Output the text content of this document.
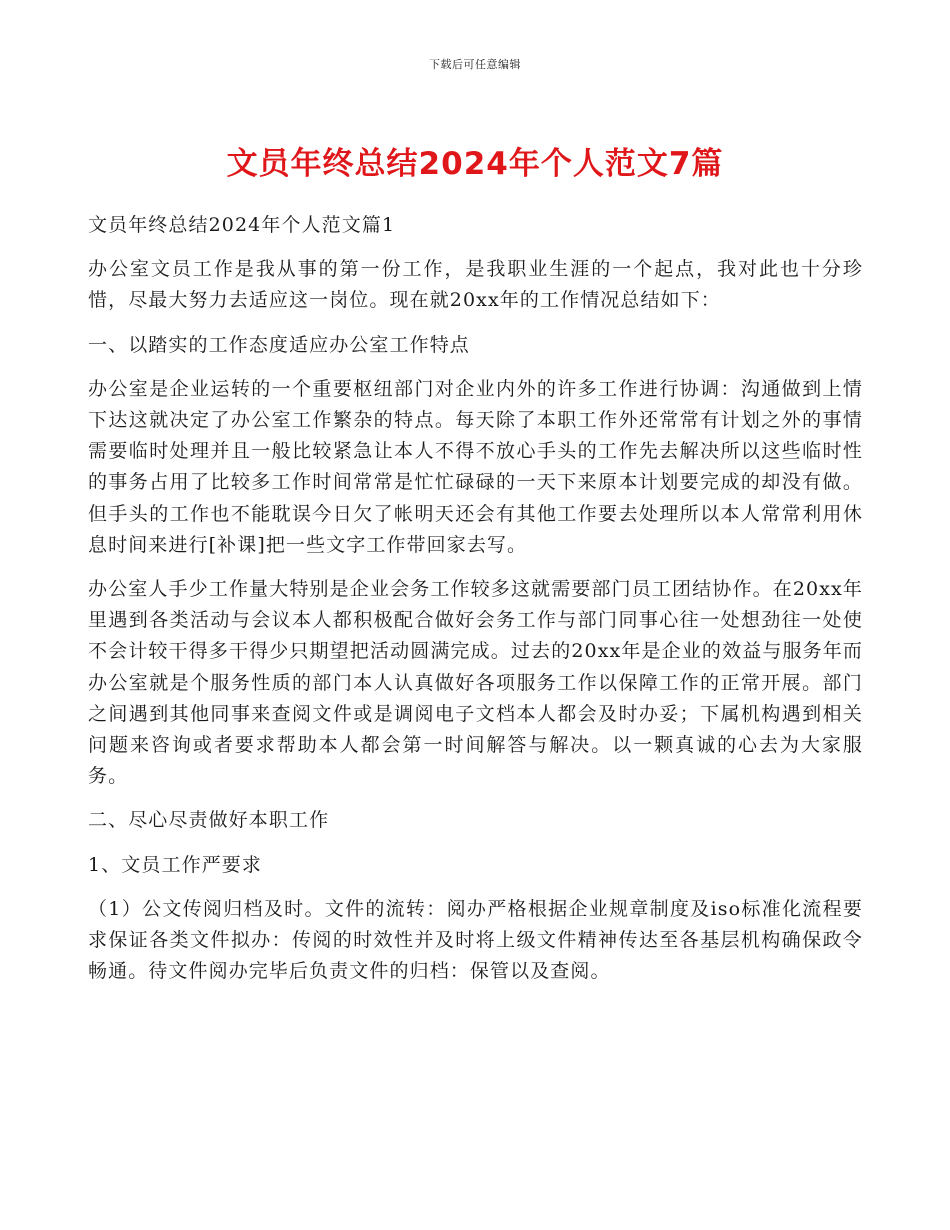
下载后可任意编辑
文员年终总结2024年个人范文7篇

文员年终总结2024年个人范文篇1

办公室文员工作是我从事的第一份工作，是我职业生涯的一个起点，我对此也十分珍惜，尽最大努力去适应这一岗位。现在就20xx年的工作情况总结如下：

一、以踏实的工作态度适应办公室工作特点

办公室是企业运转的一个重要枢纽部门对企业内外的许多工作进行协调：沟通做到上情下达这就决定了办公室工作繁杂的特点。每天除了本职工作外还常常有计划之外的事情需要临时处理并且一般比较紧急让本人不得不放心手头的工作先去解决所以这些临时性的事务占用了比较多工作时间常常是忙忙碌碌的一天下来原本计划要完成的却没有做。但手头的工作也不能耽误今日欠了帐明天还会有其他工作要去处理所以本人常常利用休息时间来进行[补课]把一些文字工作带回家去写。

办公室人手少工作量大特别是企业会务工作较多这就需要部门员工团结协作。在20xx年里遇到各类活动与会议本人都积极配合做好会务工作与部门同事心往一处想劲往一处使不会计较干得多干得少只期望把活动圆满完成。过去的20xx年是企业的效益与服务年而办公室就是个服务性质的部门本人认真做好各项服务工作以保障工作的正常开展。部门之间遇到其他同事来查阅文件或是调阅电子文档本人都会及时办妥；下属机构遇到相关问题来咨询或者要求帮助本人都会第一时间解答与解决。以一颗真诚的心去为大家服务。

二、尽心尽责做好本职工作

1、文员工作严要求

（1）公文传阅归档及时。文件的流转：阅办严格根据企业规章制度及iso标准化流程要求保证各类文件拟办：传阅的时效性并及时将上级文件精神传达至各基层机构确保政令畅通。待文件阅办完毕后负责文件的归档：保管以及查阅。
